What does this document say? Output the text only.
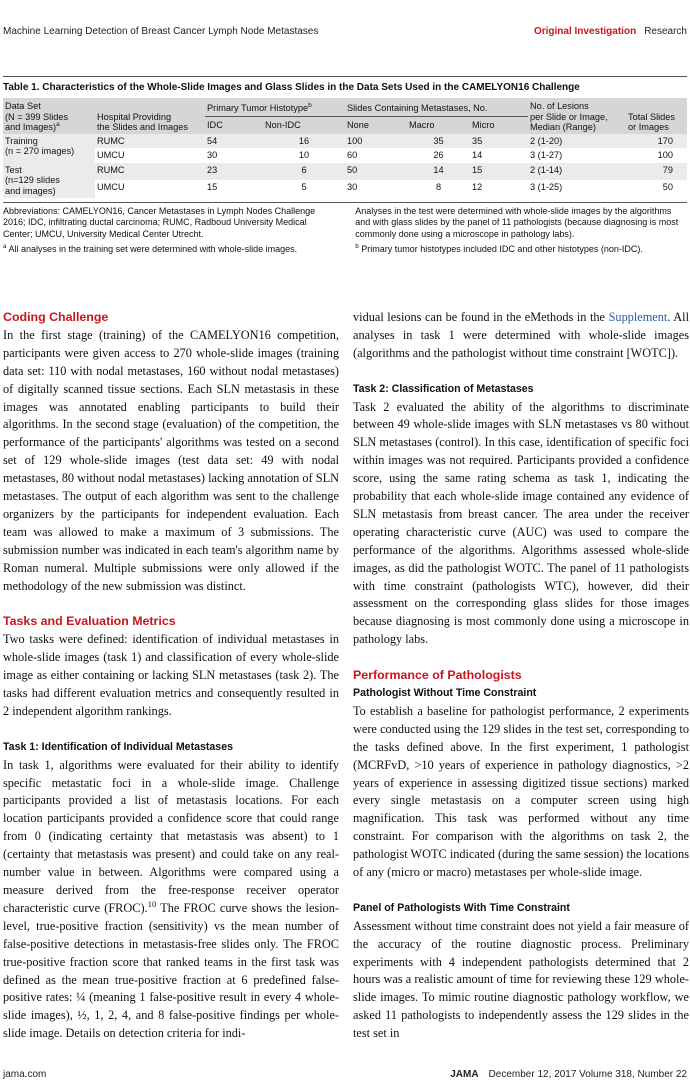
Machine Learning Detection of Breast Cancer Lymph Node Metastases	Original Investigation Research
Table 1. Characteristics of the Whole-Slide Images and Glass Slides in the Data Sets Used in the CAMELYON16 Challenge
Data Set
(N = 399 Slides
and Images)$^a$	Hospital Providing
the Slides and Images	Primary Tumor Histotype$^b$		Slides Containing Metastases, No.			No. of Lesions
per Slide or Image,
Median (Range)	Total Slides
or Images
		IDC	Non-IDC	None	Macro	Micro		
Training
(n = 270 images)	RUMC	54	16	100	35	35	2 (1-20)	170
	UMCU	30	10	60	26	14	3 (1-27)	100
Test
(n=129 slides
and images)	RUMC	23	6	50	14	15	2 (1-14)	79
	UMCU	15	5	30	8	12	3 (1-25)	50

Abbreviations: CAMELYON16, Cancer Metastases in Lymph Nodes Challenge 2016; IDC, infiltrating ductal carcinoma; RUMC, Radboud University Medical Center; UMCU, University Medical Center Utrecht.

$^a$ All analyses in the training set were determined with whole-slide images.

Analyses in the test were determined with whole-slide images by the algorithms and with glass slides by the panel of 11 pathologists (because diagnosing is most commonly done using a microscope in pathology labs).

$^b$ Primary tumor histotypes included IDC and other histotypes (non-IDC).

Coding Challenge

In the first stage (training) of the CAMELYON16 competition, participants were given access to 270 whole-slide images (training data set: 110 with nodal metastases, 160 without nodal metastases) of digitally scanned tissue sections. Each SLN metastasis in these images was annotated enabling participants to build their algorithms. In the second stage (evaluation) of the competition, the performance of the participants' algorithms was tested on a second set of 129 whole-slide images (test data set: 49 with nodal metastases, 80 without nodal metastases) lacking annotation of SLN metastases. The output of each algorithm was sent to the challenge organizers by the participants for independent evaluation. Each team was allowed to make a maximum of 3 submissions. The submission number was indicated in each team's algorithm name by Roman numeral. Multiple submissions were only allowed if the methodology of the new submission was distinct.

Tasks and Evaluation Metrics

Two tasks were defined: identification of individual metastases in whole-slide images (task 1) and classification of every whole-slide image as either containing or lacking SLN metastases (task 2). The tasks had different evaluation metrics and consequently resulted in 2 independent algorithm rankings.

Task 1: Identification of Individual Metastases

In task 1, algorithms were evaluated for their ability to identify specific metastatic foci in a whole-slide image. Challenge participants provided a list of metastasis locations. For each location participants provided a confidence score that could range from 0 (indicating certainty that metastasis was absent) to 1 (certainty that metastasis was present) and could take on any real-number value in between. Algorithms were compared using a measure derived from the free-response receiver operator characteristic curve (FROC).$^{10}$ The FROC curve shows the lesion-level, true-positive fraction (sensitivity) vs the mean number of false-positive detections in metastasis-free slides only. The FROC true-positive fraction score that ranked teams in the first task was defined as the mean true-positive fraction at 6 predefined false-positive rates: ¼ (meaning 1 false-positive result in every 4 whole-slide images), ½, 1, 2, 4, and 8 false-positive findings per whole-slide image. Details on detection criteria for indi-

vidual lesions can be found in the eMethods in the Supplement. All analyses in task 1 were determined with whole-slide images (algorithms and the pathologist without time constraint [WOTC]).

Task 2: Classification of Metastases

Task 2 evaluated the ability of the algorithms to discriminate between 49 whole-slide images with SLN metastases vs 80 without SLN metastases (control). In this case, identification of specific foci within images was not required. Participants provided a confidence score, using the same rating schema as task 1, indicating the probability that each whole-slide image contained any evidence of SLN metastasis from breast cancer. The area under the receiver operating characteristic curve (AUC) was used to compare the performance of the algorithms. Algorithms assessed whole-slide images, as did the pathologist WOTC. The panel of 11 pathologists with time constraint (pathologists WTC), however, did their assessment on the corresponding glass slides for those images because diagnosing is most commonly done using a microscope in pathology labs.

Performance of Pathologists
Pathologist Without Time Constraint

To establish a baseline for pathologist performance, 2 experiments were conducted using the 129 slides in the test set, corresponding to the tasks defined above. In the first experiment, 1 pathologist (MCRFvD, >10 years of experience in pathology diagnostics, >2 years of experience in assessing digitized tissue sections) marked every single metastasis on a computer screen using high magnification. This task was performed without any time constraint. For comparison with the algorithms on task 2, the pathologist WOTC indicated (during the same session) the locations of any (micro or macro) metastases per whole-slide image.

Panel of Pathologists With Time Constraint

Assessment without time constraint does not yield a fair measure of the accuracy of the routine diagnostic process. Preliminary experiments with 4 independent pathologists determined that 2 hours was a realistic amount of time for reviewing these 129 whole-slide images. To mimic routine diagnostic pathology workflow, we asked 11 pathologists to independently assess the 129 slides in the test set in

jama.com	JAMA December 12, 2017 Volume 318, Number 22
